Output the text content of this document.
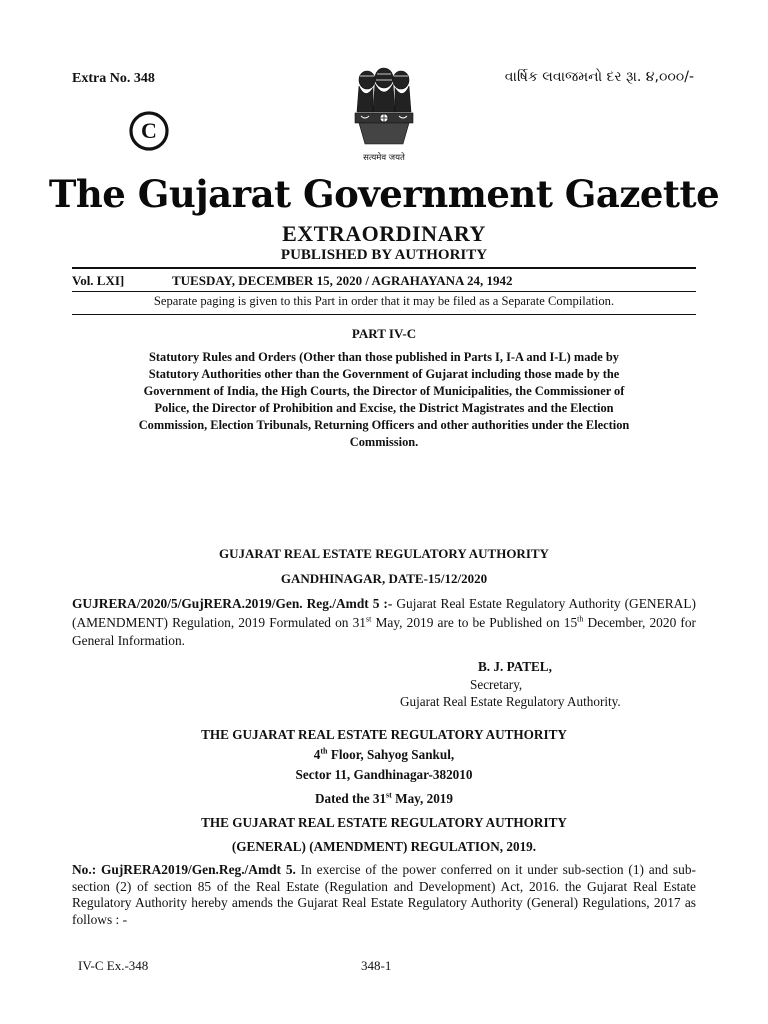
Extra No. 348	વાર્ષિક લવાજમનો દર રૂા. ૪,૦૦૦/-
सत्यमेव जयते
C
The Gujarat Government Gazette
EXTRAORDINARY
PUBLISHED BY AUTHORITY
Vol. LXI]	TUESDAY, DECEMBER 15, 2020 / AGRAHAYANA 24, 1942
Separate paging is given to this Part in order that it may be filed as a Separate Compilation.
PART IV-C
Statutory Rules and Orders (Other than those published in Parts I, I-A and I-L) made by Statutory Authorities other than the Government of Gujarat including those made by the Government of India, the High Courts, the Director of Municipalities, the Commissioner of Police, the Director of Prohibition and Excise, the District Magistrates and the Election Commission, Election Tribunals, Returning Officers and other authorities under the Election Commission.
GUJARAT REAL ESTATE REGULATORY AUTHORITY
GANDHINAGAR, DATE-15/12/2020
GUJRERA/2020/5/GujRERA.2019/Gen. Reg./Amdt 5 :- Gujarat Real Estate Regulatory Authority (GENERAL) (AMENDMENT) Regulation, 2019 Formulated on 31st May, 2019 are to be Published on 15th December, 2020 for General Information.
B. J. PATEL,
Secretary,
Gujarat Real Estate Regulatory Authority.
THE GUJARAT REAL ESTATE REGULATORY AUTHORITY
4th Floor, Sahyog Sankul,
Sector 11, Gandhinagar-382010
Dated the 31st May, 2019
THE GUJARAT REAL ESTATE REGULATORY AUTHORITY
(GENERAL) (AMENDMENT) REGULATION, 2019.
No.: GujRERA2019/Gen.Reg./Amdt 5. In exercise of the power conferred on it under sub-section (1) and sub-section (2) of section 85 of the Real Estate (Regulation and Development) Act, 2016. the Gujarat Real Estate Regulatory Authority hereby amends the Gujarat Real Estate Regulatory Authority (General) Regulations, 2017 as follows : -
IV-C Ex.-348	348-1
